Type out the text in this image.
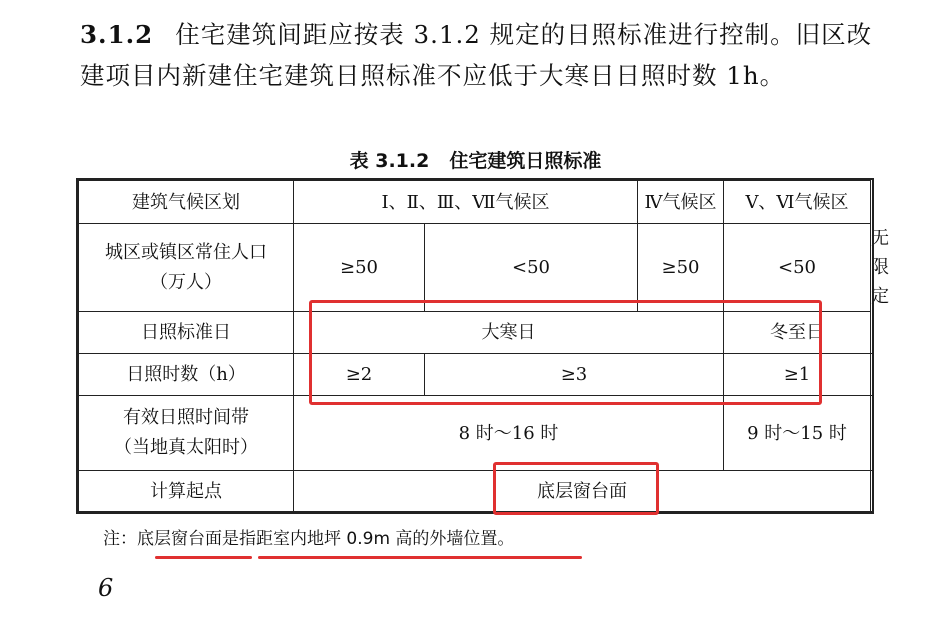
3.1.2 住宅建筑间距应按表 3.1.2 规定的日照标准进行控制。旧区改建项目内新建住宅建筑日照标准不应低于大寒日日照时数 1h。

表 3.1.2 住宅建筑日照标准
建筑气候区划	Ⅰ、Ⅱ、Ⅲ、Ⅶ气候区		Ⅳ气候区	Ⅴ、Ⅵ气候区	

城区或镇区常住人口
（万人）	≥50	<50	≥50	<50	无限定
日照标准日	大寒日			冬至日	
日照时数（h）	≥2	≥3		≥1	

有效日照时间带
（当地真太阳时）	8 时～16 时			9 时～15 时	
计算起点	底层窗台面				
注：底层窗台面是指距室内地坪 0.9m 高的外墙位置。
6
